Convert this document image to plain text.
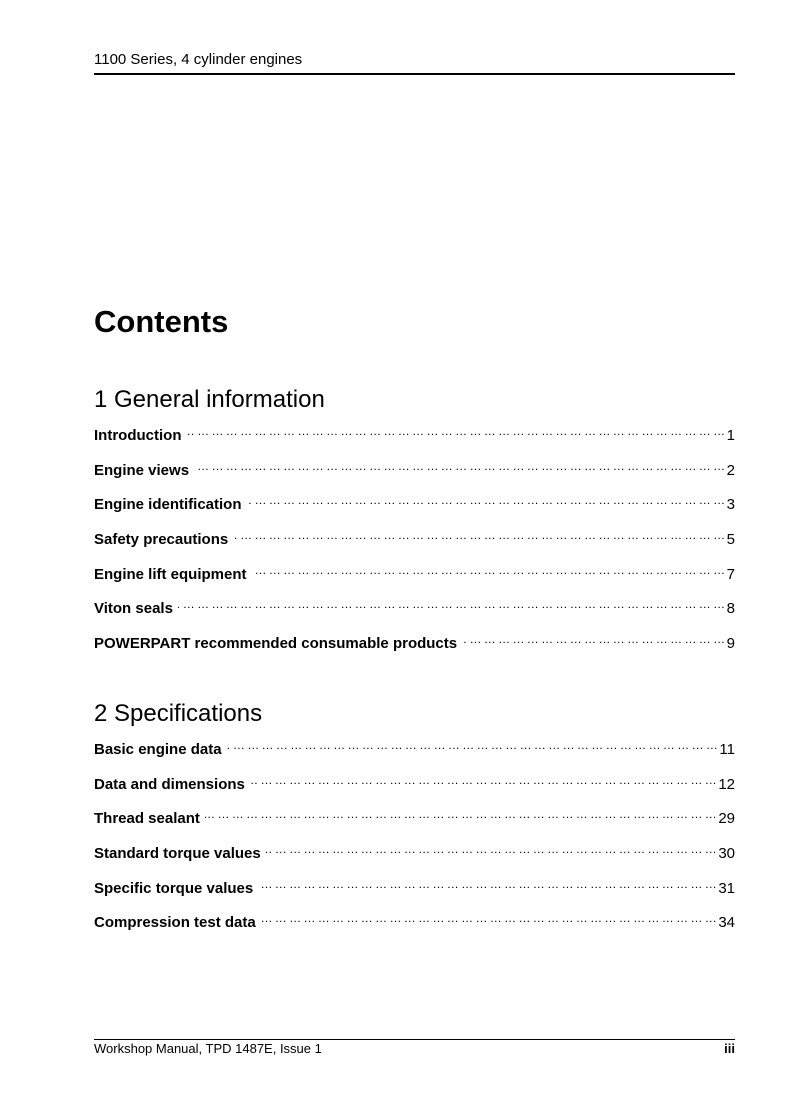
1100 Series, 4 cylinder engines
Contents
1 General information
Introduction … … … … … … … … … … … … … … … … … … … … … … … … … … … … … … … … … … … … … … … … … … … … … … … … … … … … … … …	1
Engine views … … … … … … … … … … … … … … … … … … … … … … … … … … … … … … … … … … … … … … … … … … … … … … … … … … … … … … …	2
Engine identification … … … … … … … … … … … … … … … … … … … … … … … … … … … … … … … … … … … … … … … … … … … … … … … … … … … … … … …	3
Safety precautions … … … … … … … … … … … … … … … … … … … … … … … … … … … … … … … … … … … … … … … … … … … … … … … … … … … … … … …	5
Engine lift equipment … … … … … … … … … … … … … … … … … … … … … … … … … … … … … … … … … … … … … … … … … … … … … … … … … … … … … … …	7
Viton seals … … … … … … … … … … … … … … … … … … … … … … … … … … … … … … … … … … … … … … … … … … … … … … … … … … … … … … …	8
POWERPART recommended consumable products … … … … … … … … … … … … … … … … … … … … … … … … … … … … … … … … … … … … … … … … … … … … … … … … … … … … … … …	9
2 Specifications
Basic engine data … … … … … … … … … … … … … … … … … … … … … … … … … … … … … … … … … … … … … … … … … … … … … … … … … … … … … … …	11
Data and dimensions … … … … … … … … … … … … … … … … … … … … … … … … … … … … … … … … … … … … … … … … … … … … … … … … … … … … … … …	12
Thread sealant … … … … … … … … … … … … … … … … … … … … … … … … … … … … … … … … … … … … … … … … … … … … … … … … … … … … … … …	29
Standard torque values … … … … … … … … … … … … … … … … … … … … … … … … … … … … … … … … … … … … … … … … … … … … … … … … … … … … … … …	30
Specific torque values … … … … … … … … … … … … … … … … … … … … … … … … … … … … … … … … … … … … … … … … … … … … … … … … … … … … … … …	31
Compression test data … … … … … … … … … … … … … … … … … … … … … … … … … … … … … … … … … … … … … … … … … … … … … … … … … … … … … … …	34
Workshop Manual, TPD 1487E, Issue 1	iii
